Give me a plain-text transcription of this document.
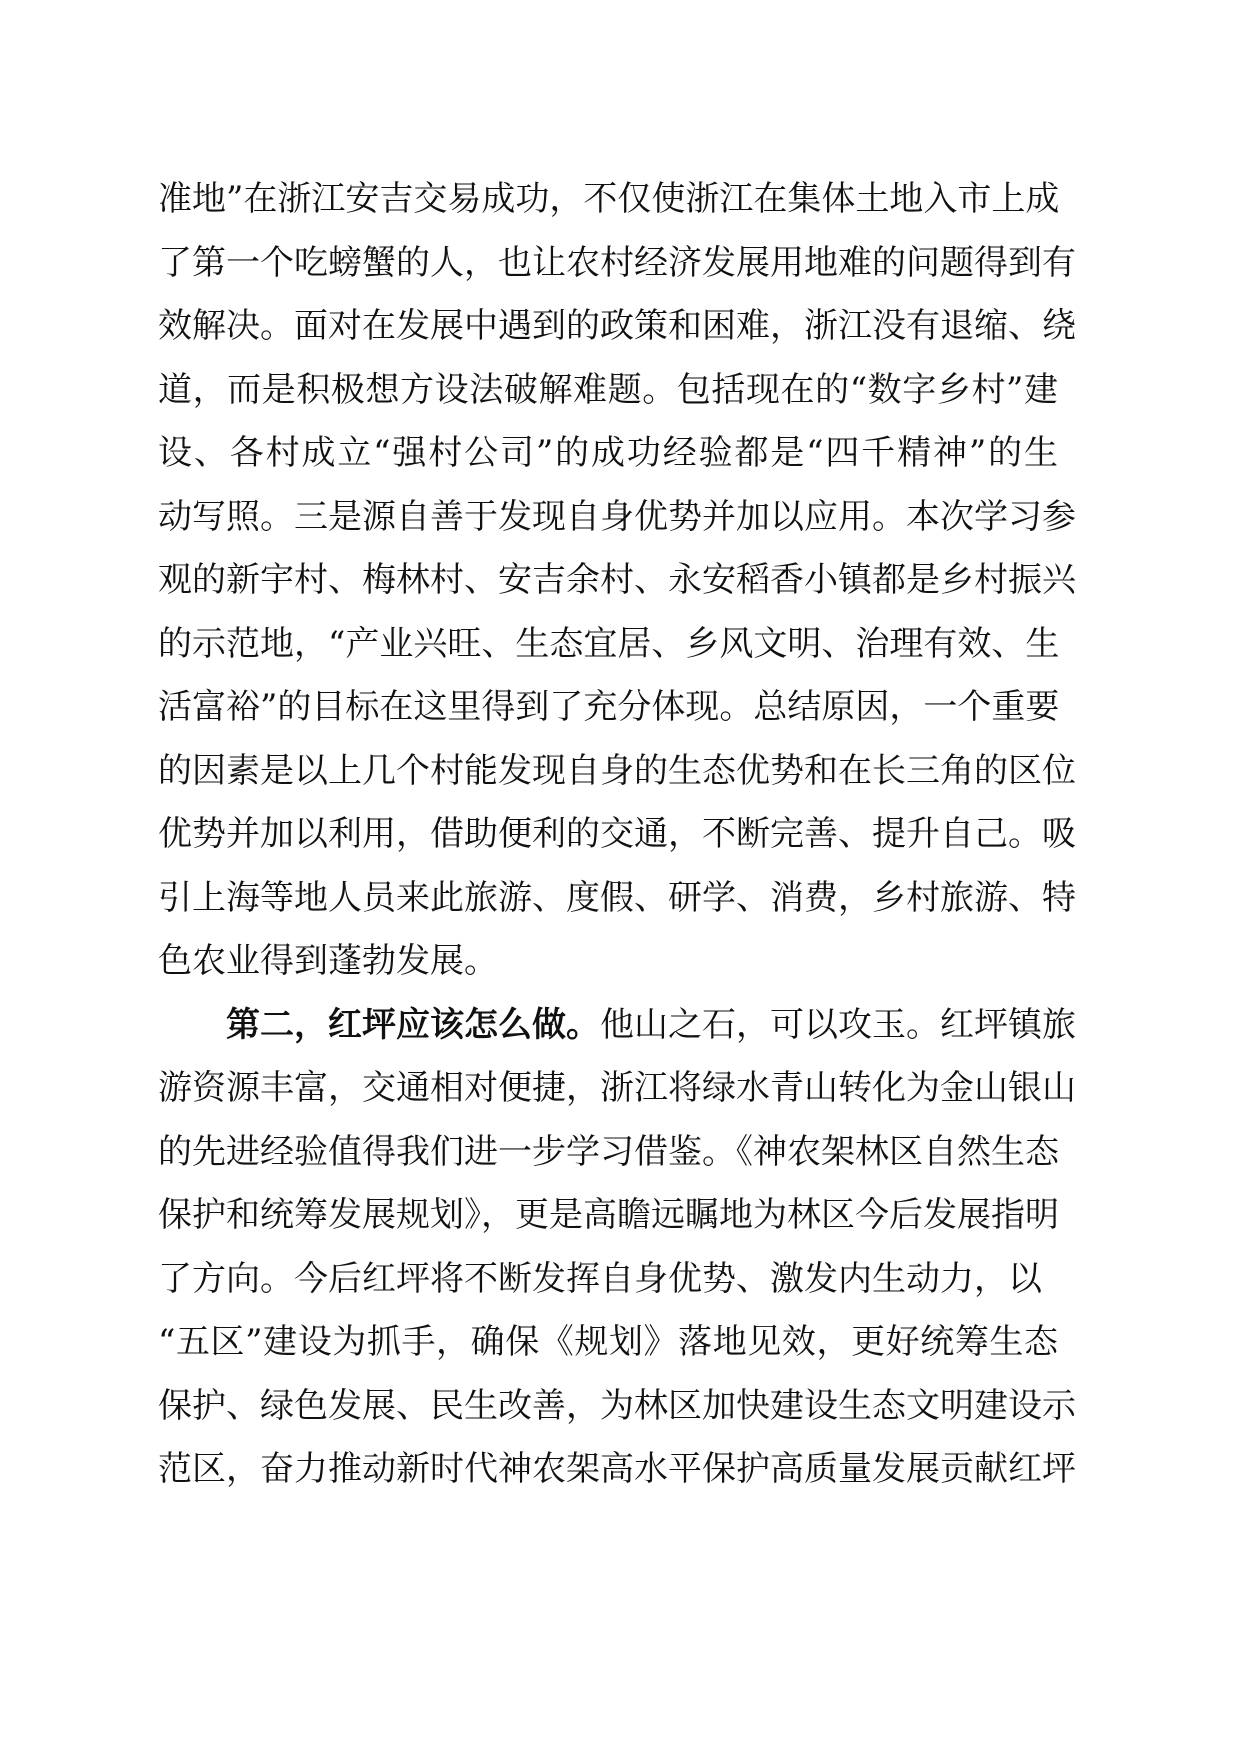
准地”在浙江安吉交易成功，不仅使浙江在集体土地入市上成
了第一个吃螃蟹的人，也让农村经济发展用地难的问题得到有
效解决。面对在发展中遇到的政策和困难，浙江没有退缩、绕
道，而是积极想方设法破解难题。包括现在的“数字乡村”建
设、各村成立“强村公司”的成功经验都是“四千精神”的生
动写照。三是源自善于发现自身优势并加以应用。本次学习参
观的新宇村、梅林村、安吉余村、永安稻香小镇都是乡村振兴
的示范地，“产业兴旺、生态宜居、乡风文明、治理有效、生
活富裕”的目标在这里得到了充分体现。总结原因，一个重要
的因素是以上几个村能发现自身的生态优势和在长三角的区位
优势并加以利用，借助便利的交通，不断完善、提升自己。吸
引上海等地人员来此旅游、度假、研学、消费，乡村旅游、特
色农业得到蓬勃发展。
第二，红坪应该怎么做。他山之石，可以攻玉。红坪镇旅
游资源丰富，交通相对便捷，浙江将绿水青山转化为金山银山
的先进经验值得我们进一步学习借鉴。《神农架林区自然生态
保护和统筹发展规划》，更是高瞻远瞩地为林区今后发展指明
了方向。今后红坪将不断发挥自身优势、激发内生动力，以
“五区”建设为抓手，确保《规划》落地见效，更好统筹生态
保护、绿色发展、民生改善，为林区加快建设生态文明建设示
范区，奋力推动新时代神农架高水平保护高质量发展贡献红坪
